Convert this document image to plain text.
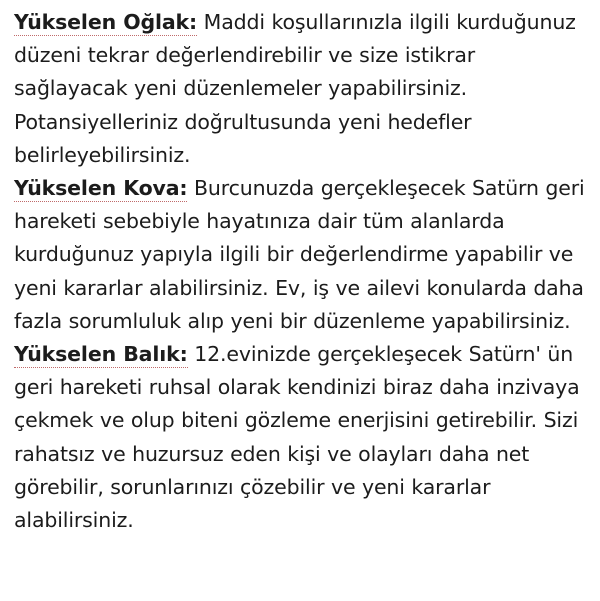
Yükselen Oğlak: Maddi koşullarınızla ilgili kurduğunuz düzeni tekrar değerlendirebilir ve size istikrar sağlayacak yeni düzenlemeler yapabilirsiniz. Potansiyelleriniz doğrultusunda yeni hedefler belirleyebilirsiniz.

Yükselen Kova: Burcunuzda gerçekleşecek Satürn geri hareketi sebebiyle hayatınıza dair tüm alanlarda kurduğunuz yapıyla ilgili bir değerlendirme yapabilir ve yeni kararlar alabilirsiniz. Ev, iş ve ailevi konularda daha fazla sorumluluk alıp yeni bir düzenleme yapabilirsiniz.

Yükselen Balık: 12.evinizde gerçekleşecek Satürn' ün geri hareketi ruhsal olarak kendinizi biraz daha inzivaya çekmek ve olup biteni gözleme enerjisini getirebilir. Sizi rahatsız ve huzursuz eden kişi ve olayları daha net görebilir, sorunlarınızı çözebilir ve yeni kararlar alabilirsiniz.
